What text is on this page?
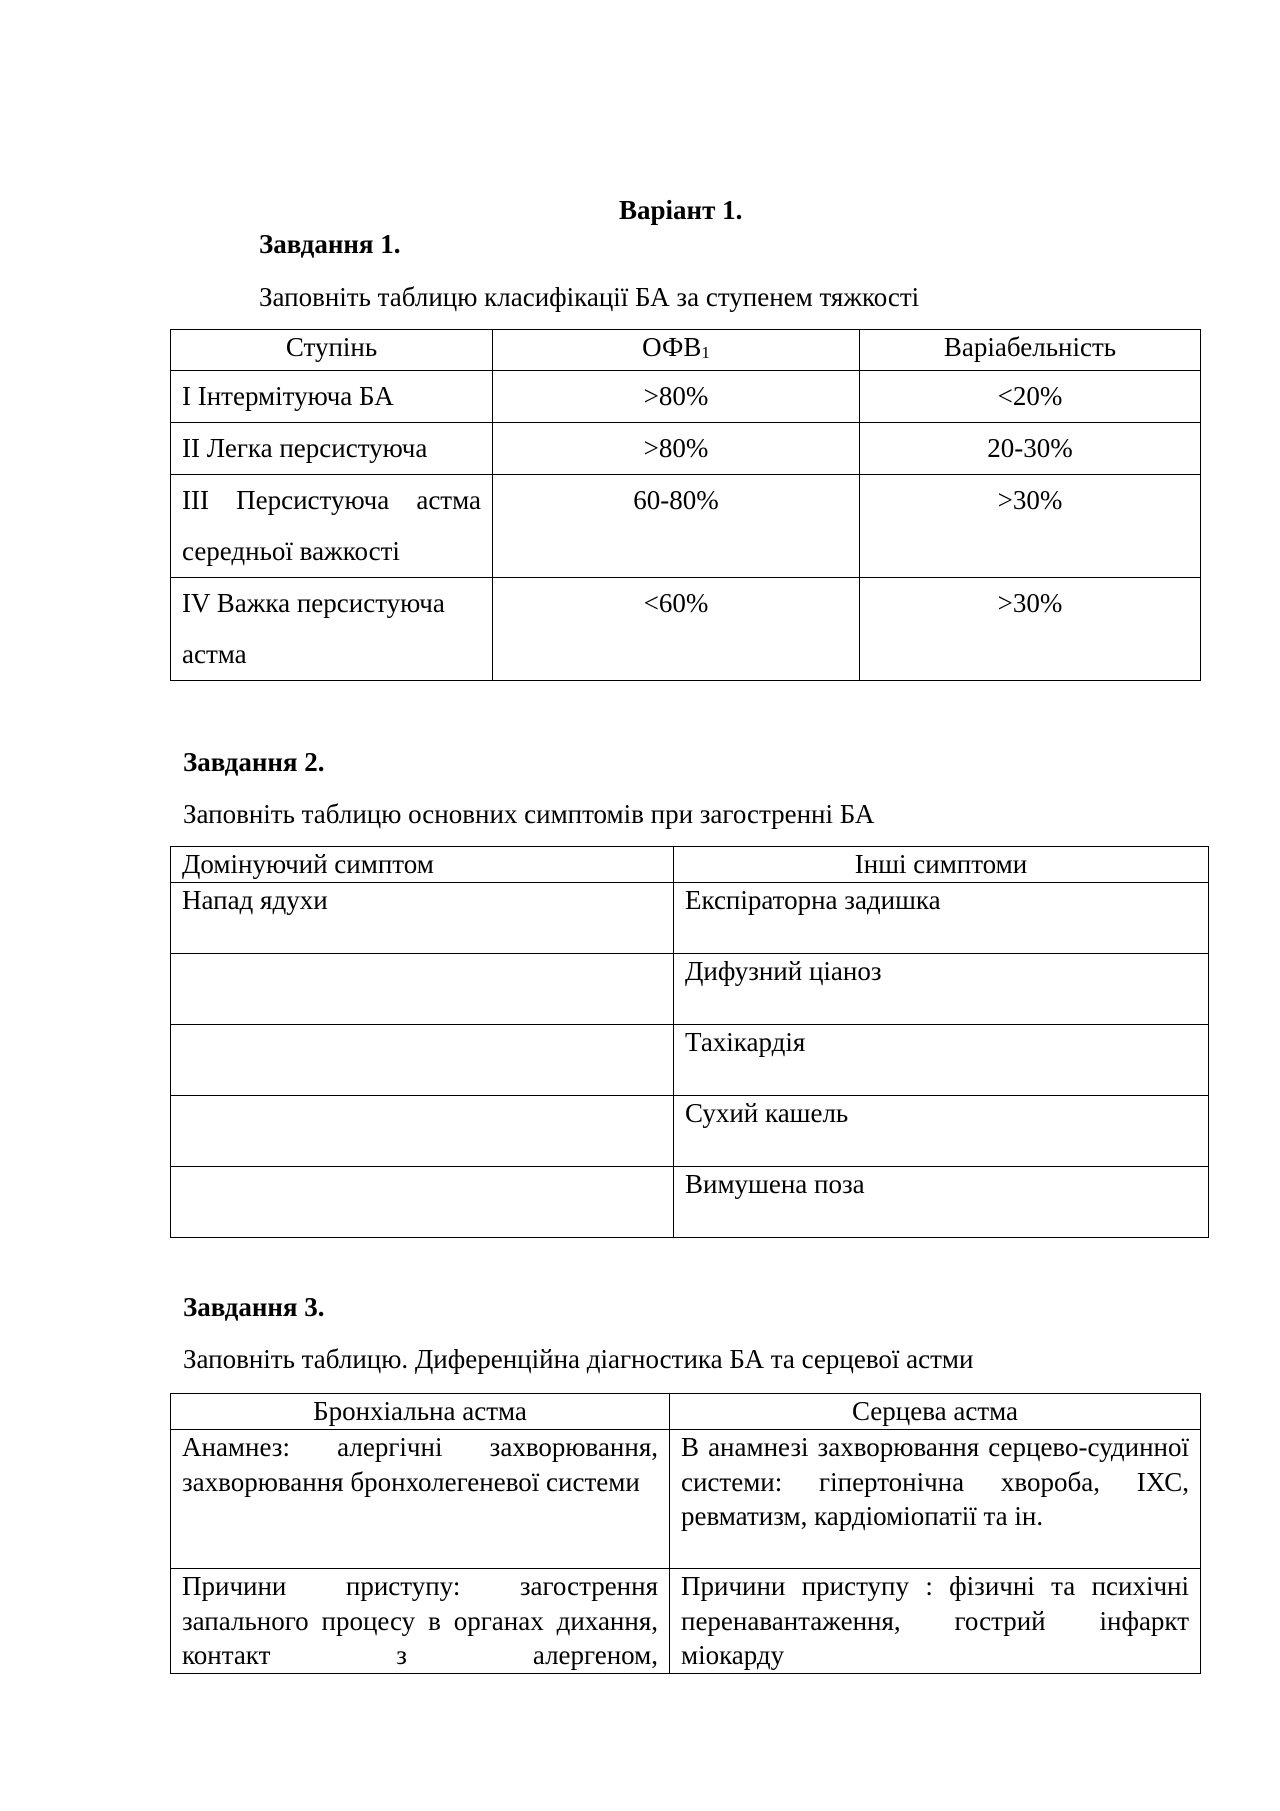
Варіант 1.
Завдання 1.
Заповніть таблицю класифікації БА за ступенем тяжкості
Ступінь	$ОФВ_1$	Варіабельність
I Інтермітуюча БА	>80%	<20%
II Легка персистуюча	>80%	20-30%
III Персистуюча астма середньої важкості	60-80%	>30%
IV Важка персистуюча астма	<60%	>30%
Завдання 2.
Заповніть таблицю основних симптомів при загостренні БА
Домінуючий симптом	Інші симптоми
Напад ядухи	Експіраторна задишка
	Дифузний ціаноз
	Тахікардія
	Сухий кашель
	Вимушена поза
Завдання 3.
Заповніть таблицю. Диференційна діагностика БА та серцевої астми
Бронхіальна астма	Серцева астма
Анамнез: алергічні захворювання, захворювання бронхолегеневої системи	В анамнезі захворювання серцево-судинної системи: гіпертонічна хвороба, ІХС, ревматизм, кардіоміопатії та ін.
Причини приступу: загострення запального процесу в органах дихання, контакт з алергеном,	Причини приступу : фізичні та психічні перенавантаження, гострий інфаркт міокарду
